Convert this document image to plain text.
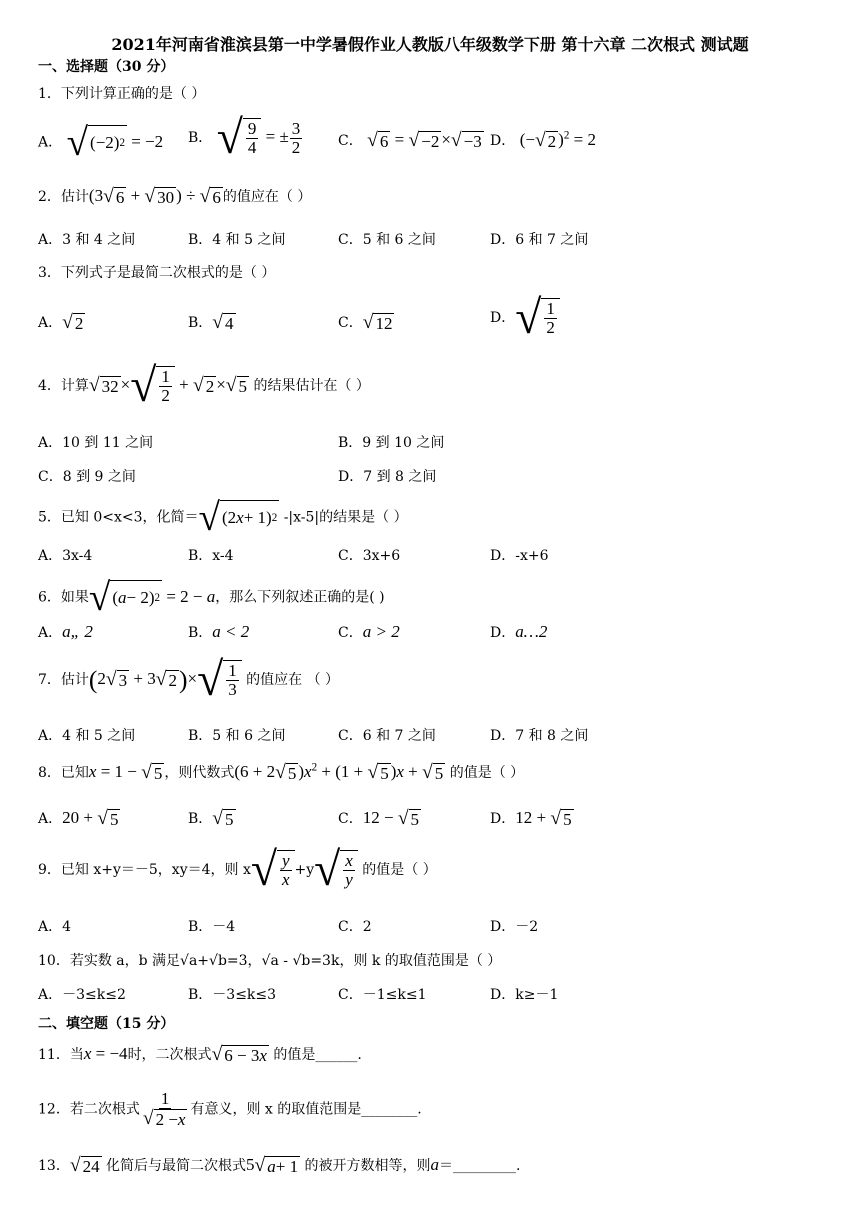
2021年河南省淮滨县第一中学暑假作业人教版八年级数学下册 第十六章 二次根式 测试题
一、选择题（30 分）
1．下列计算正确的是（ ）
A． √ (−2) 2 = −2 B． √ $\frac{9}{4}$ = ± $\frac{3}{2}$	C． √ 6 = √ −2 × √ −3 D． (− √ 2 )$^2$ = 2
2．估计(3 √ 6 + √ 30 ) ÷ √ 6 的值应在（ ）
A．3 和 4 之间	B．4 和 5 之间	C．5 和 6 之间	D．6 和 7 之间
3．下列式子是最简二次根式的是（ ）
A． √ 2	B． √ 4	C． √ 12	D． √ $\frac{1}{2}$
4．计算 √ 32 × √ $\frac{1}{2}$ + √ 2 × √ 5 的结果估计在（ ）
A．10 到 11 之间	B．9 到 10 之间
C．8 到 9 之间	D．7 到 8 之间
5．已知 0<x<3，化简＝ √ (2 x + 1) 2 -|x-5|的结果是（ ）
A．3x-4	B．x-4	C．3x+6	D．-x+6
6．如果 √ ( a − 2) 2 = 2 − a，那么下列叙述正确的是( )
A．a„ 2	B．a < 2	C．a > 2	D．a…2
7．估计(2 √ 3 + 3 √ 2 )× √ $\frac{1}{3}$ 的值应在 （ ）
A．4 和 5 之间	B．5 和 6 之间	C．6 和 7 之间	D．7 和 8 之间
8．已知x = 1 − √ 5 ，则代数式(6 + 2 √ 5 )$x^2 + (1$ + √ 5 )x + √ 5 的值是（ ）
A．20 + √ 5	B． √ 5	C．12 − √ 5	D．12 + √ 5
9．已知 x+y＝－5，xy＝4，则 x √ $\frac{y}{x} +y$ √ $\frac{x}{y}$ 的值是（ ）
A．4	B．－4	C．2	D．－2
10．若实数 a，b 满足√a+√b=3，√a - √b=3k，则 k 的取值范围是（ ）
A．－3≤k≤2	B．－3≤k≤3	C．－1≤k≤1	D．k≥－1
二、填空题（15 分）
11．当x = −4时，二次根式 √ 6 − 3 x 的值是______.
12．若二次根式 $\frac{1}{√ 2 - x}$ 有意义，则 x 的取值范围是________.
13． √ 24 化简后与最简二次根式5 √ a + 1 的被开方数相等，则a＝_________.
